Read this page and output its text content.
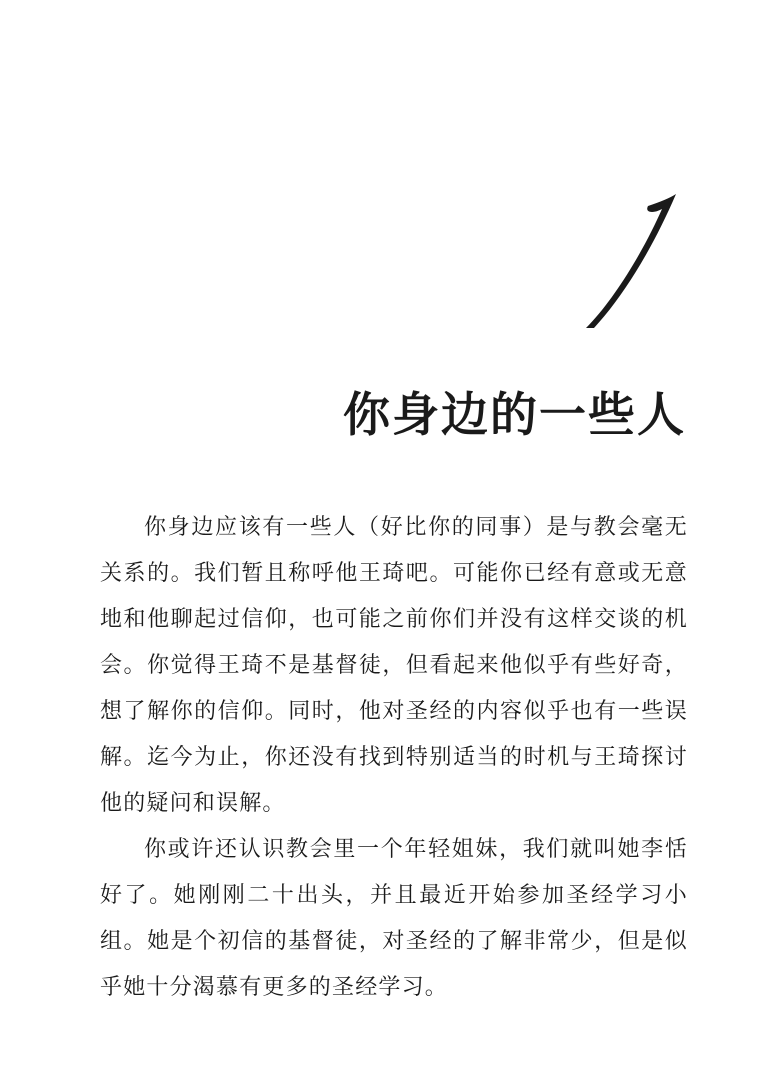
你身边的一些人

你身边应该有一些人（好比你的同事）是与教会毫无关系的。我们暂且称呼他王琦吧。可能你已经有意或无意地和他聊起过信仰，也可能之前你们并没有这样交谈的机会。你觉得王琦不是基督徒，但看起来他似乎有些好奇，想了解你的信仰。同时，他对圣经的内容似乎也有一些误解。迄今为止，你还没有找到特别适当的时机与王琦探讨他的疑问和误解。

你或许还认识教会里一个年轻姐妹，我们就叫她李恬好了。她刚刚二十出头，并且最近开始参加圣经学习小组。她是个初信的基督徒，对圣经的了解非常少，但是似乎她十分渴慕有更多的圣经学习。
